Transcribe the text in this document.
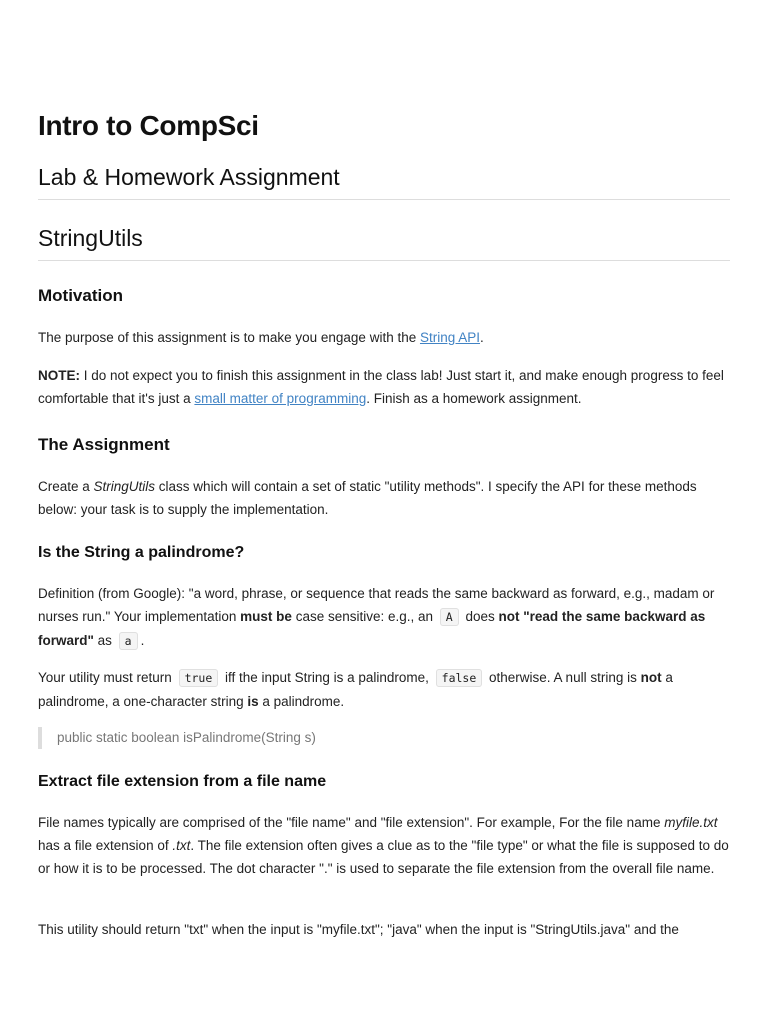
Intro to CompSci
Lab & Homework Assignment
StringUtils
Motivation

The purpose of this assignment is to make you engage with the String API.

NOTE: I do not expect you to finish this assignment in the class lab! Just start it, and make enough progress to feel comfortable that it's just a small matter of programming. Finish as a homework assignment.

The Assignment

Create a StringUtils class which will contain a set of static "utility methods". I specify the API for these methods below: your task is to supply the implementation.

Is the String a palindrome?

Definition (from Google): "a word, phrase, or sequence that reads the same backward as forward, e.g., madam or nurses run." Your implementation must be case sensitive: e.g., an A does not "read the same backward as forward" as a .

Your utility must return true iff the input String is a palindrome, false otherwise. A null string is not a palindrome, a one-character string is a palindrome.

public static boolean isPalindrome(String s)
Extract file extension from a file name

File names typically are comprised of the "file name" and "file extension". For example, For the file name myfile.txt has a file extension of .txt. The file extension often gives a clue as to the "file type" or what the file is supposed to do or how it is to be processed. The dot character "." is used to separate the file extension from the overall file name.

This utility should return "txt" when the input is "myfile.txt"; "java" when the input is "StringUtils.java" and the
